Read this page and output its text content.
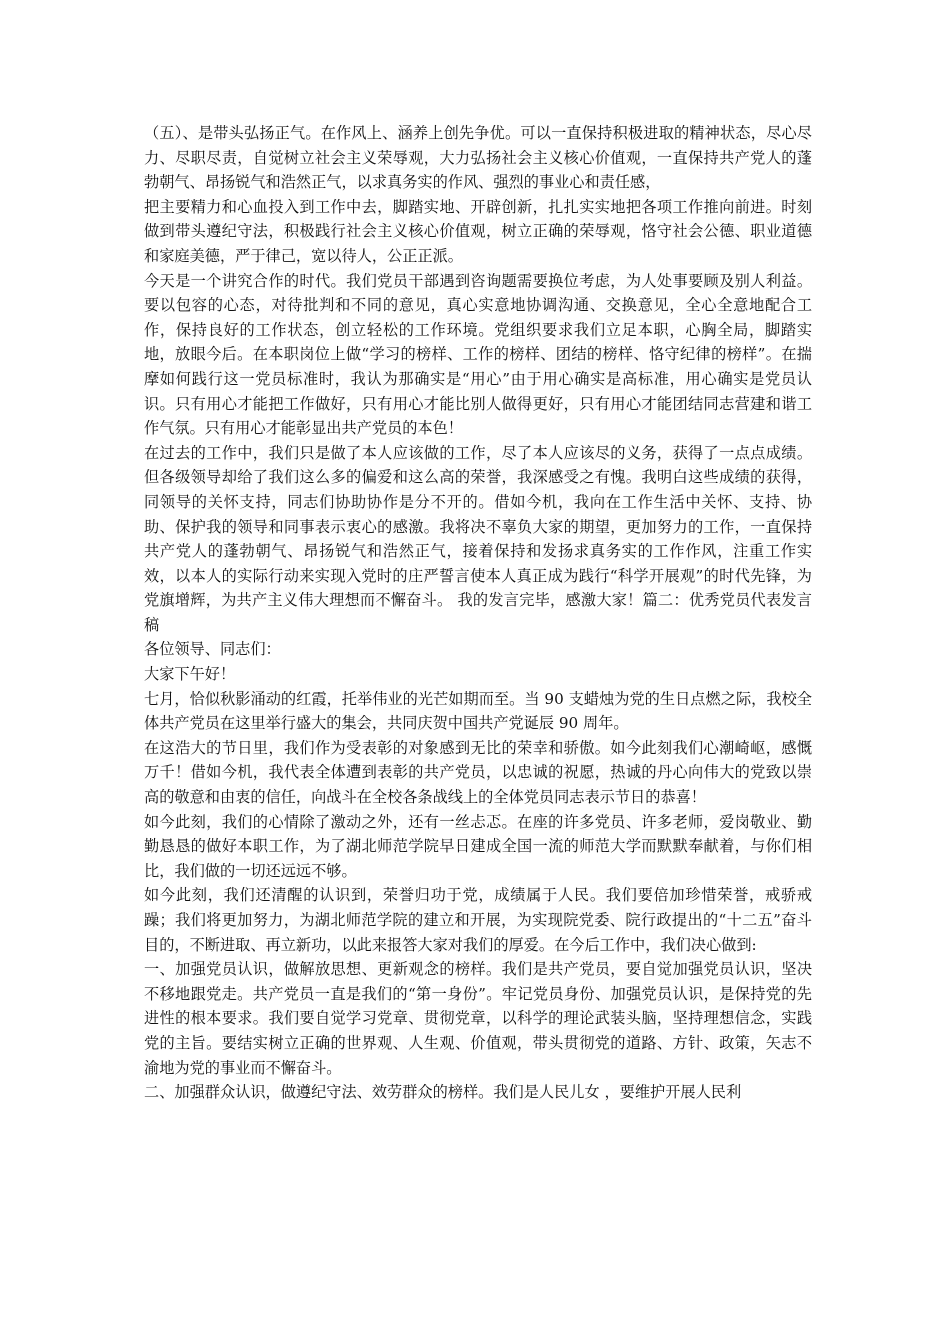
（五）、是带头弘扬正气。在作风上、涵养上创先争优。可以一直保持积极进取的精神状态，尽心尽力、尽职尽责，自觉树立社会主义荣辱观，大力弘扬社会主义核心价值观，一直保持共产党人的蓬勃朝气、昂扬锐气和浩然正气，以求真务实的作风、强烈的事业心和责任感，

把主要精力和心血投入到工作中去，脚踏实地、开辟创新，扎扎实实地把各项工作推向前进。时刻做到带头遵纪守法，积极践行社会主义核心价值观，树立正确的荣辱观，恪守社会公德、职业道德和家庭美德，严于律己，宽以待人，公正正派。

今天是一个讲究合作的时代。我们党员干部遇到咨询题需要换位考虑，为人处事要顾及别人利益。要以包容的心态，对待批判和不同的意见，真心实意地协调沟通、交换意见，全心全意地配合工作，保持良好的工作状态，创立轻松的工作环境。党组织要求我们立足本职，心胸全局，脚踏实地，放眼今后。在本职岗位上做“学习的榜样、工作的榜样、团结的榜样、恪守纪律的榜样”。在揣摩如何践行这一党员标准时，我认为那确实是“用心”由于用心确实是高标准，用心确实是党员认识。只有用心才能把工作做好，只有用心才能比别人做得更好，只有用心才能团结同志营建和谐工作气氛。只有用心才能彰显出共产党员的本色！

在过去的工作中，我们只是做了本人应该做的工作，尽了本人应该尽的义务，获得了一点点成绩。但各级领导却给了我们这么多的偏爱和这么高的荣誉，我深感受之有愧。我明白这些成绩的获得，同领导的关怀支持，同志们协助协作是分不开的。借如今机，我向在工作生活中关怀、支持、协助、保护我的领导和同事表示衷心的感激。我将决不辜负大家的期望，更加努力的工作，一直保持共产党人的蓬勃朝气、昂扬锐气和浩然正气，接着保持和发扬求真务实的工作作风，注重工作实效，以本人的实际行动来实现入党时的庄严誓言使本人真正成为践行“科学开展观”的时代先锋，为党旗增辉，为共产主义伟大理想而不懈奋斗。 我的发言完毕，感激大家！篇二：优秀党员代表发言稿

各位领导、同志们：

大家下午好！

七月，恰似秋影涌动的红霞，托举伟业的光芒如期而至。当 90 支蜡烛为党的生日点燃之际，我校全体共产党员在这里举行盛大的集会，共同庆贺中国共产党诞辰 90 周年。

在这浩大的节日里，我们作为受表彰的对象感到无比的荣幸和骄傲。如今此刻我们心潮崎岖，感慨万千！借如今机，我代表全体遭到表彰的共产党员，以忠诚的祝愿，热诚的丹心向伟大的党致以崇高的敬意和由衷的信任，向战斗在全校各条战线上的全体党员同志表示节日的恭喜！

如今此刻，我们的心情除了激动之外，还有一丝忐忑。在座的许多党员、许多老师，爱岗敬业、勤勤恳恳的做好本职工作，为了湖北师范学院早日建成全国一流的师范大学而默默奉献着，与你们相比，我们做的一切还远远不够。

如今此刻，我们还清醒的认识到，荣誉归功于党，成绩属于人民。我们要倍加珍惜荣誉，戒骄戒躁；我们将更加努力，为湖北师范学院的建立和开展，为实现院党委、院行政提出的“十二五”奋斗目的，不断进取、再立新功，以此来报答大家对我们的厚爱。在今后工作中，我们决心做到:

一、加强党员认识，做解放思想、更新观念的榜样。我们是共产党员，要自觉加强党员认识，坚决不移地跟党走。共产党员一直是我们的“第一身份”。牢记党员身份、加强党员认识，是保持党的先进性的根本要求。我们要自觉学习党章、贯彻党章，以科学的理论武装头脑，坚持理想信念，实践党的主旨。要结实树立正确的世界观、人生观、价值观，带头贯彻党的道路、方针、政策，矢志不渝地为党的事业而不懈奋斗。

二、加强群众认识，做遵纪守法、效劳群众的榜样。我们是人民儿女 ，要维护开展人民利
